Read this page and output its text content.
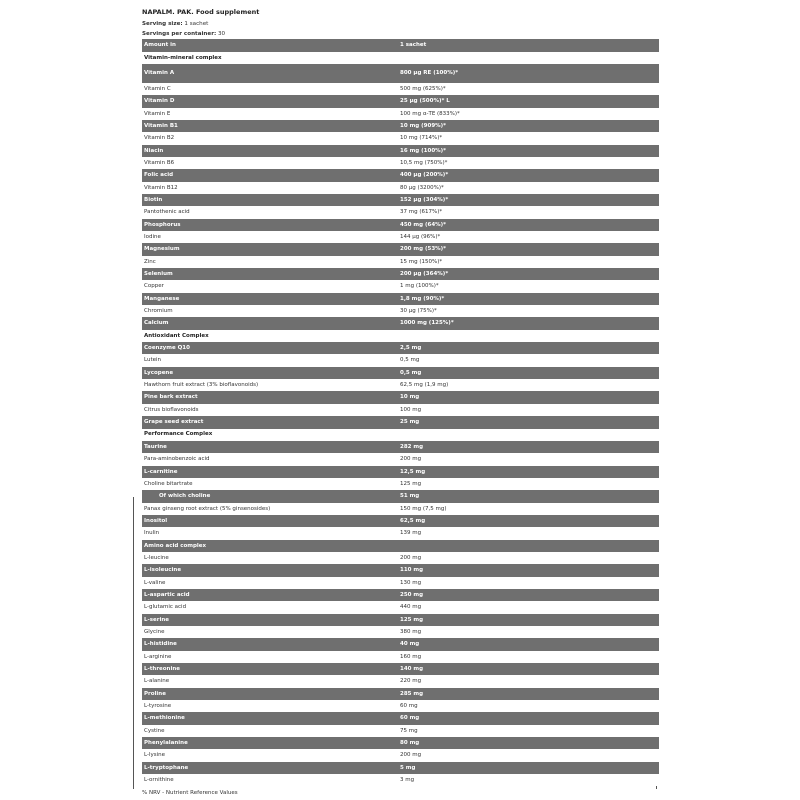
NAPALM. PAK. Food supplement
Serving size: 1 sachet
Servings per container: 30
Amount in	1 sachet
Vitamin-mineral complex	
Vitamin A	800 μg RE (100%)*
Vitamin C	500 mg (625%)*
Vitamin D	25 μg (500%)* L
Vitamin E	100 mg α-TE (833%)*
Vitamin B1	10 mg (909%)*
Vitamin B2	10 mg (714%)*
Niacin	16 mg (100%)*
Vitamin B6	10,5 mg (750%)*
Folic acid	400 μg (200%)*
Vitamin B12	80 μg (3200%)*
Biotin	152 μg (304%)*
Pantothenic acid	37 mg (617%)*
Phosphorus	450 mg (64%)*
Iodine	144 μg (96%)*
Magnesium	200 mg (53%)*
Zinc	15 mg (150%)*
Selenium	200 μg (364%)*
Copper	1 mg (100%)*
Manganese	1,8 mg (90%)*
Chromium	30 μg (75%)*
Calcium	1000 mg (125%)*
Antioxidant Complex	
Coenzyme Q10	2,5 mg
Lutein	0,5 mg
Lycopene	0,5 mg
Hawthorn fruit extract (3% bioflavonoids)	62,5 mg (1,9 mg)
Pine bark extract	10 mg
Citrus bioflavonoids	100 mg
Grape seed extract	25 mg
Performance Complex	
Taurine	282 mg
Para-aminobenzoic acid	200 mg
L-carnitine	12,5 mg
Choline bitartrate	125 mg
Of which choline	51 mg
Panax ginseng root extract (5% ginsenosides)	150 mg (7,5 mg)
Inositol	62,5 mg
Inulin	139 mg
Amino acid complex	
L-leucine	200 mg
L-isoleucine	110 mg
L-valine	130 mg
L-aspartic acid	250 mg
L-glutamic acid	440 mg
L-serine	125 mg
Glycine	380 mg
L-histidine	40 mg
L-arginine	160 mg
L-threonine	140 mg
L-alanine	220 mg
Proline	285 mg
L-tyrosine	60 mg
L-methionine	60 mg
Cystine	75 mg
Phenylalanine	80 mg
L-lysine	200 mg
L-tryptophane	5 mg
L-ornithine	3 mg
% NRV - Nutrient Reference Values
